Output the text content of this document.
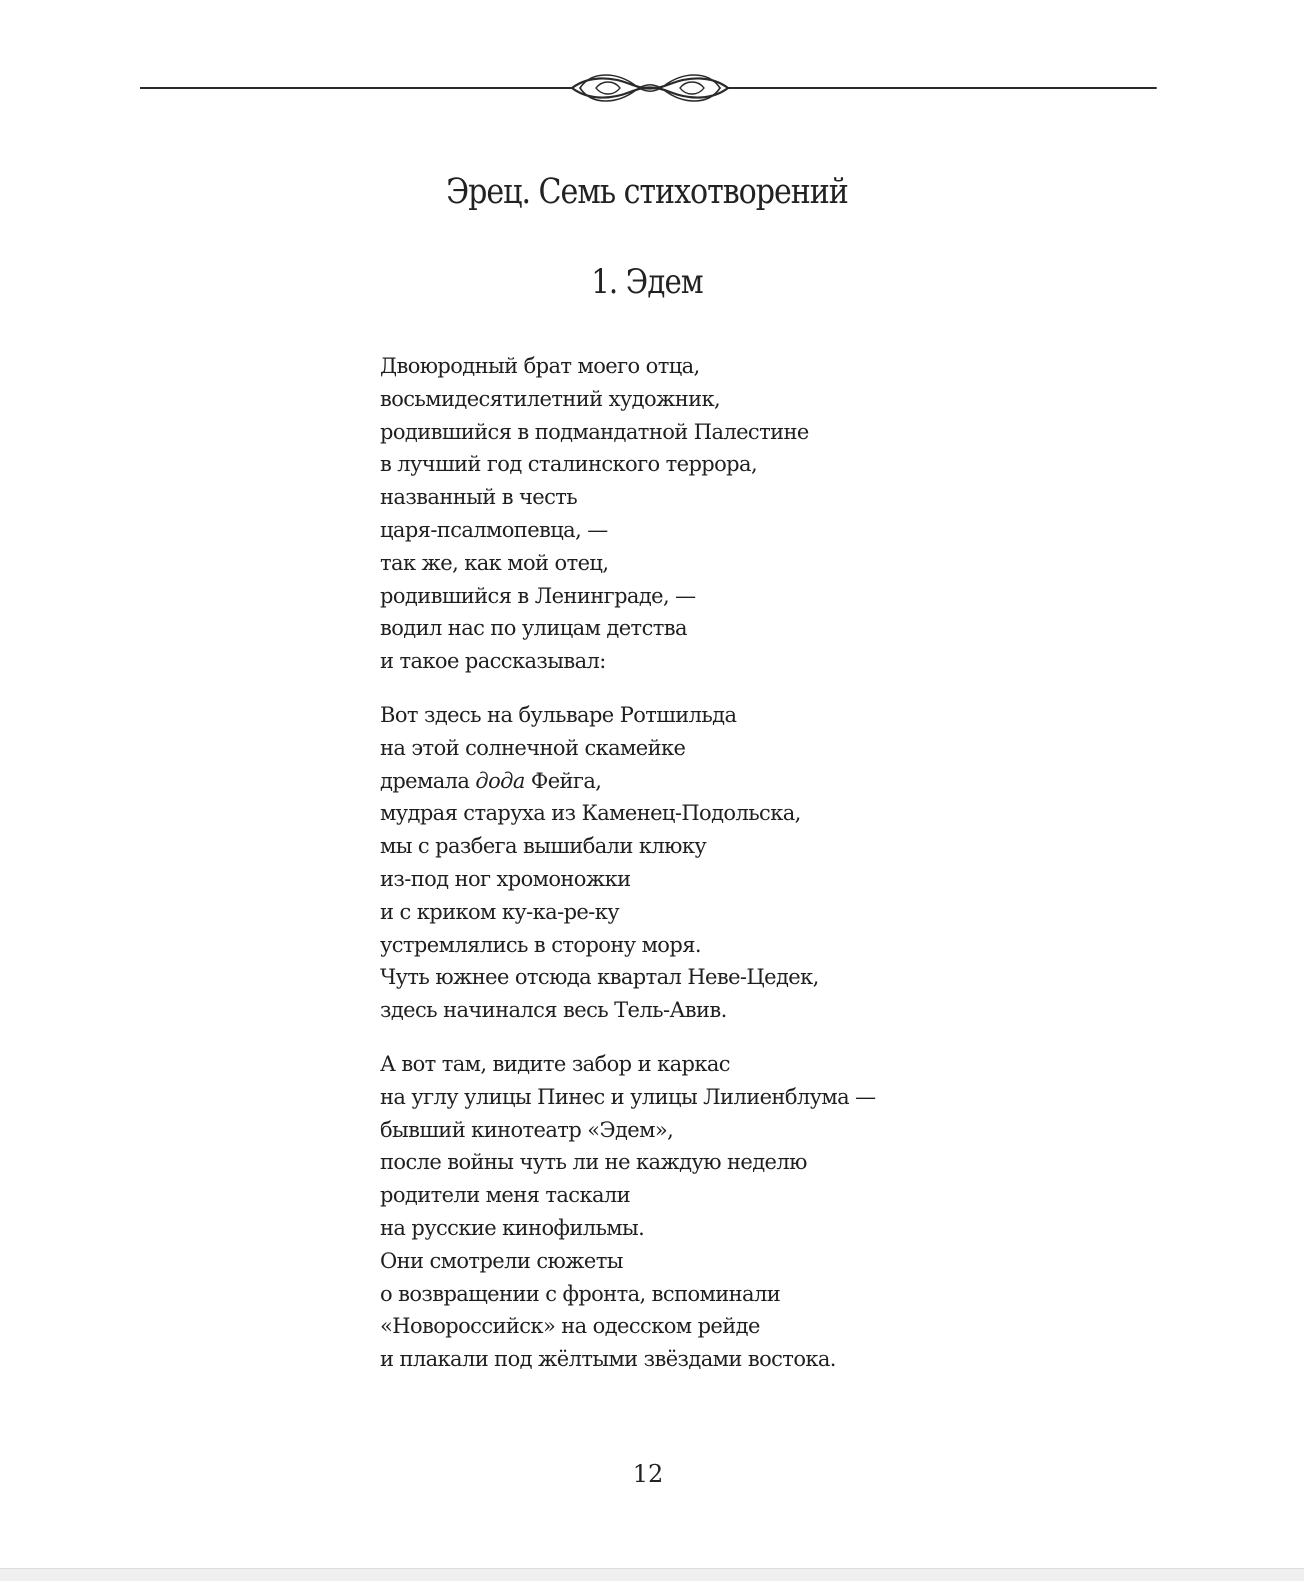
Эрец. Семь стихотворений
1. Эдем
Двоюродный брат моего отца,
восьмидесятилетний художник,
родившийся в подмандатной Палестине
в лучший год сталинского террора,
названный в честь
царя-псалмопевца, —
так же, как мой отец,
родившийся в Ленинграде, —
водил нас по улицам детства
и такое рассказывал:
Вот здесь на бульваре Ротшильда
на этой солнечной скамейке
дремала дода Фейга,
мудрая старуха из Каменец-Подольска,
мы с разбега вышибали клюку
из-под ног хромоножки
и с криком ку-ка-ре-ку
устремлялись в сторону моря.
Чуть южнее отсюда квартал Неве-Цедек,
здесь начинался весь Тель-Авив.
А вот там, видите забор и каркас
на углу улицы Пинес и улицы Лилиенблума —
бывший кинотеатр «Эдем»,
после войны чуть ли не каждую неделю
родители меня таскали
на русские кинофильмы.
Они смотрели сюжеты
о возвращении с фронта, вспоминали
«Новороссийск» на одесском рейде
и плакали под жёлтыми звёздами востока.
12
